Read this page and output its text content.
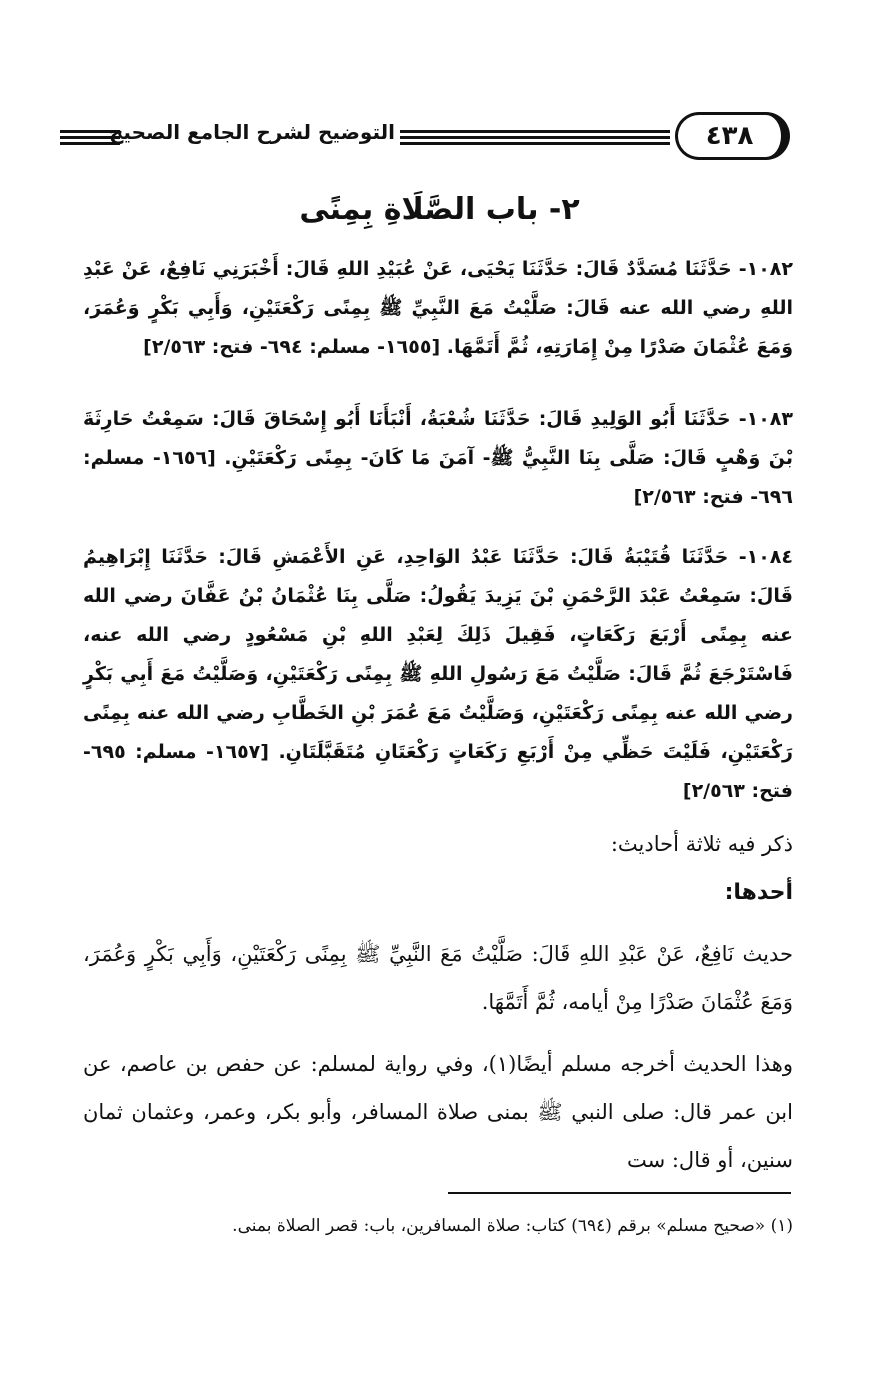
التوضيح لشرح الجامع الصحيح	٤٣٨
٢- باب الصَّلَاةِ بِمِنًى
١٠٨٢- حَدَّثَنَا مُسَدَّدٌ قَالَ: حَدَّثَنَا يَحْيَى، عَنْ عُبَيْدِ اللهِ قَالَ: أَخْبَرَنِي نَافِعٌ، عَنْ عَبْدِ اللهِ رضي الله عنه قَالَ: صَلَّيْتُ مَعَ النَّبِيِّ ﷺ بِمِنًى رَكْعَتَيْنِ، وَأَبِي بَكْرٍ وَعُمَرَ، وَمَعَ عُثْمَانَ صَدْرًا مِنْ إِمَارَتِهِ، ثُمَّ أَتَمَّهَا. [١٦٥٥- مسلم: ٦٩٤- فتح: ٢/٥٦٣]
١٠٨٣- حَدَّثَنَا أَبُو الوَلِيدِ قَالَ: حَدَّثَنَا شُعْبَةُ، أَنْبَأَنَا أَبُو إِسْحَاقَ قَالَ: سَمِعْتُ حَارِثَةَ بْنَ وَهْبٍ قَالَ: صَلَّى بِنَا النَّبِيُّ ﷺ- آمَنَ مَا كَانَ- بِمِنًى رَكْعَتَيْنِ. [١٦٥٦- مسلم: ٦٩٦- فتح: ٢/٥٦٣]
١٠٨٤- حَدَّثَنَا قُتَيْبَةُ قَالَ: حَدَّثَنَا عَبْدُ الوَاحِدِ، عَنِ الأَعْمَشِ قَالَ: حَدَّثَنَا إِبْرَاهِيمُ قَالَ: سَمِعْتُ عَبْدَ الرَّحْمَنِ بْنَ يَزِيدَ يَقُولُ: صَلَّى بِنَا عُثْمَانُ بْنُ عَفَّانَ رضي الله عنه بِمِنًى أَرْبَعَ رَكَعَاتٍ، فَقِيلَ ذَلِكَ لِعَبْدِ اللهِ بْنِ مَسْعُودٍ رضي الله عنه، فَاسْتَرْجَعَ ثُمَّ قَالَ: صَلَّيْتُ مَعَ رَسُولِ اللهِ ﷺ بِمِنًى رَكْعَتَيْنِ، وَصَلَّيْتُ مَعَ أَبِي بَكْرٍ رضي الله عنه بِمِنًى رَكْعَتَيْنِ، وَصَلَّيْتُ مَعَ عُمَرَ بْنِ الخَطَّابِ رضي الله عنه بِمِنًى رَكْعَتَيْنِ، فَلَيْتَ حَظِّي مِنْ أَرْبَعِ رَكَعَاتٍ رَكْعَتَانِ مُتَقَبَّلَتَانِ. [١٦٥٧- مسلم: ٦٩٥- فتح: ٢/٥٦٣]
ذكر فيه ثلاثة أحاديث:
أحدها:
حديث نَافِعٌ، عَنْ عَبْدِ اللهِ قَالَ: صَلَّيْتُ مَعَ النَّبِيِّ ﷺ بِمِنًى رَكْعَتَيْنِ، وَأَبِي بَكْرٍ وَعُمَرَ، وَمَعَ عُثْمَانَ صَدْرًا مِنْ أيامه، ثُمَّ أَتَمَّهَا.
وهذا الحديث أخرجه مسلم أيضًا(١)، وفي رواية لمسلم: عن حفص بن عاصم، عن ابن عمر قال: صلى النبي ﷺ بمنى صلاة المسافر، وأبو بكر، وعمر، وعثمان ثمان سنين، أو قال: ست
(١) «صحيح مسلم» برقم (٦٩٤) كتاب: صلاة المسافرين، باب: قصر الصلاة بمنى.
